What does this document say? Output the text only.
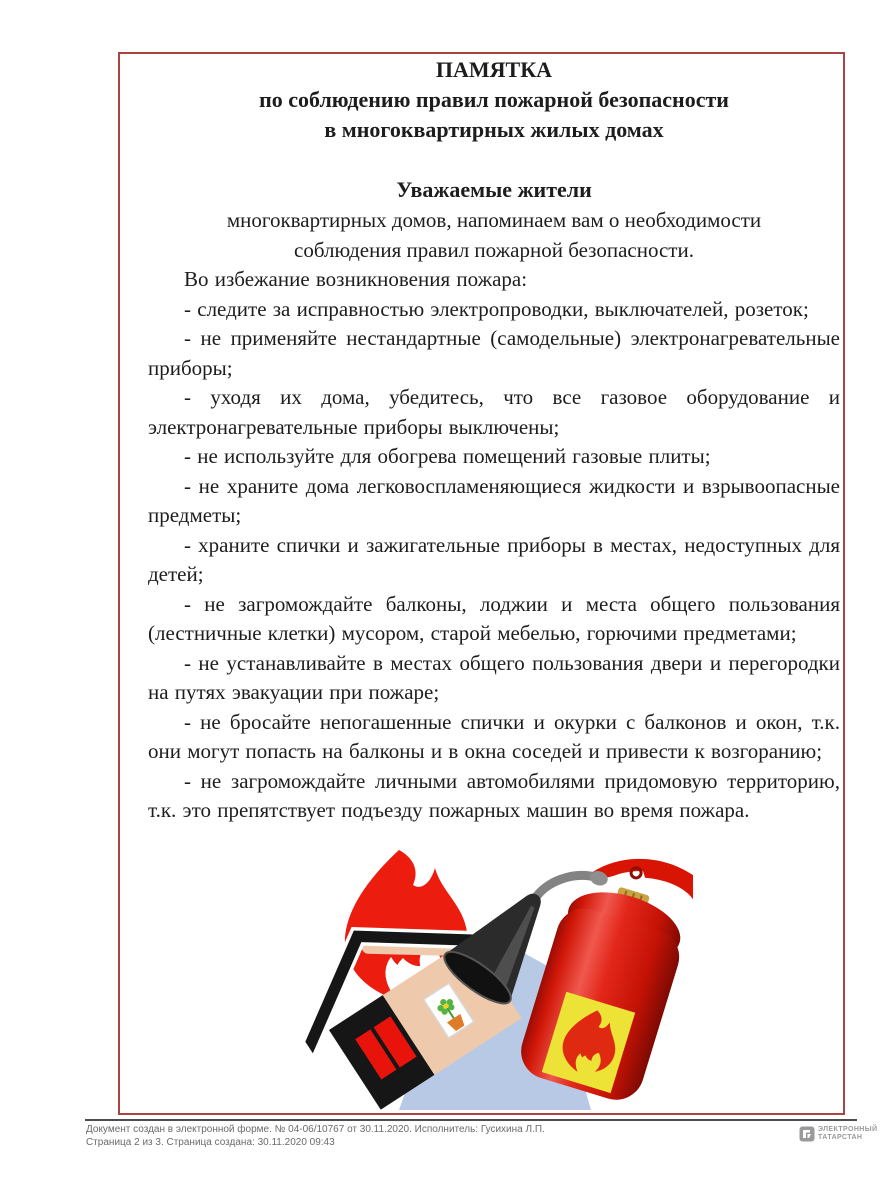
ПАМЯТКА
по соблюдению правил пожарной безопасности
в многоквартирных жилых домах
Уважаемые жители
многоквартирных домов, напоминаем вам о необходимости
соблюдения правил пожарной безопасности.

Во избежание возникновения пожара:

- следите за исправностью электропроводки, выключателей, розеток;

- не применяйте нестандартные (самодельные) электронагревательные приборы;

- уходя их дома, убедитесь, что все газовое оборудование и электронагревательные приборы выключены;

- не используйте для обогрева помещений газовые плиты;

- не храните дома легковоспламеняющиеся жидкости и взрывоопасные предметы;

- храните спички и зажигательные приборы в местах, недоступных для детей;

- не загромождайте балконы, лоджии и места общего пользования (лестничные клетки) мусором, старой мебелью, горючими предметами;

- не устанавливайте в местах общего пользования двери и перегородки на путях эвакуации при пожаре;

- не бросайте непогашенные спички и окурки с балконов и окон, т.к. они могут попасть на балконы и в окна соседей и привести к возгоранию;

- не загромождайте личными автомобилями придомовую территорию, т.к. это препятствует подъезду пожарных машин во время пожара.

Документ создан в электронной форме. № 04-06/10767 от 30.11.2020. Исполнитель: Гусихина Л.П.
Страница 2 из 3. Страница создана: 30.11.2020 09:43
ЭЛЕКТРОННЫЙ
ТАТАРСТАН
